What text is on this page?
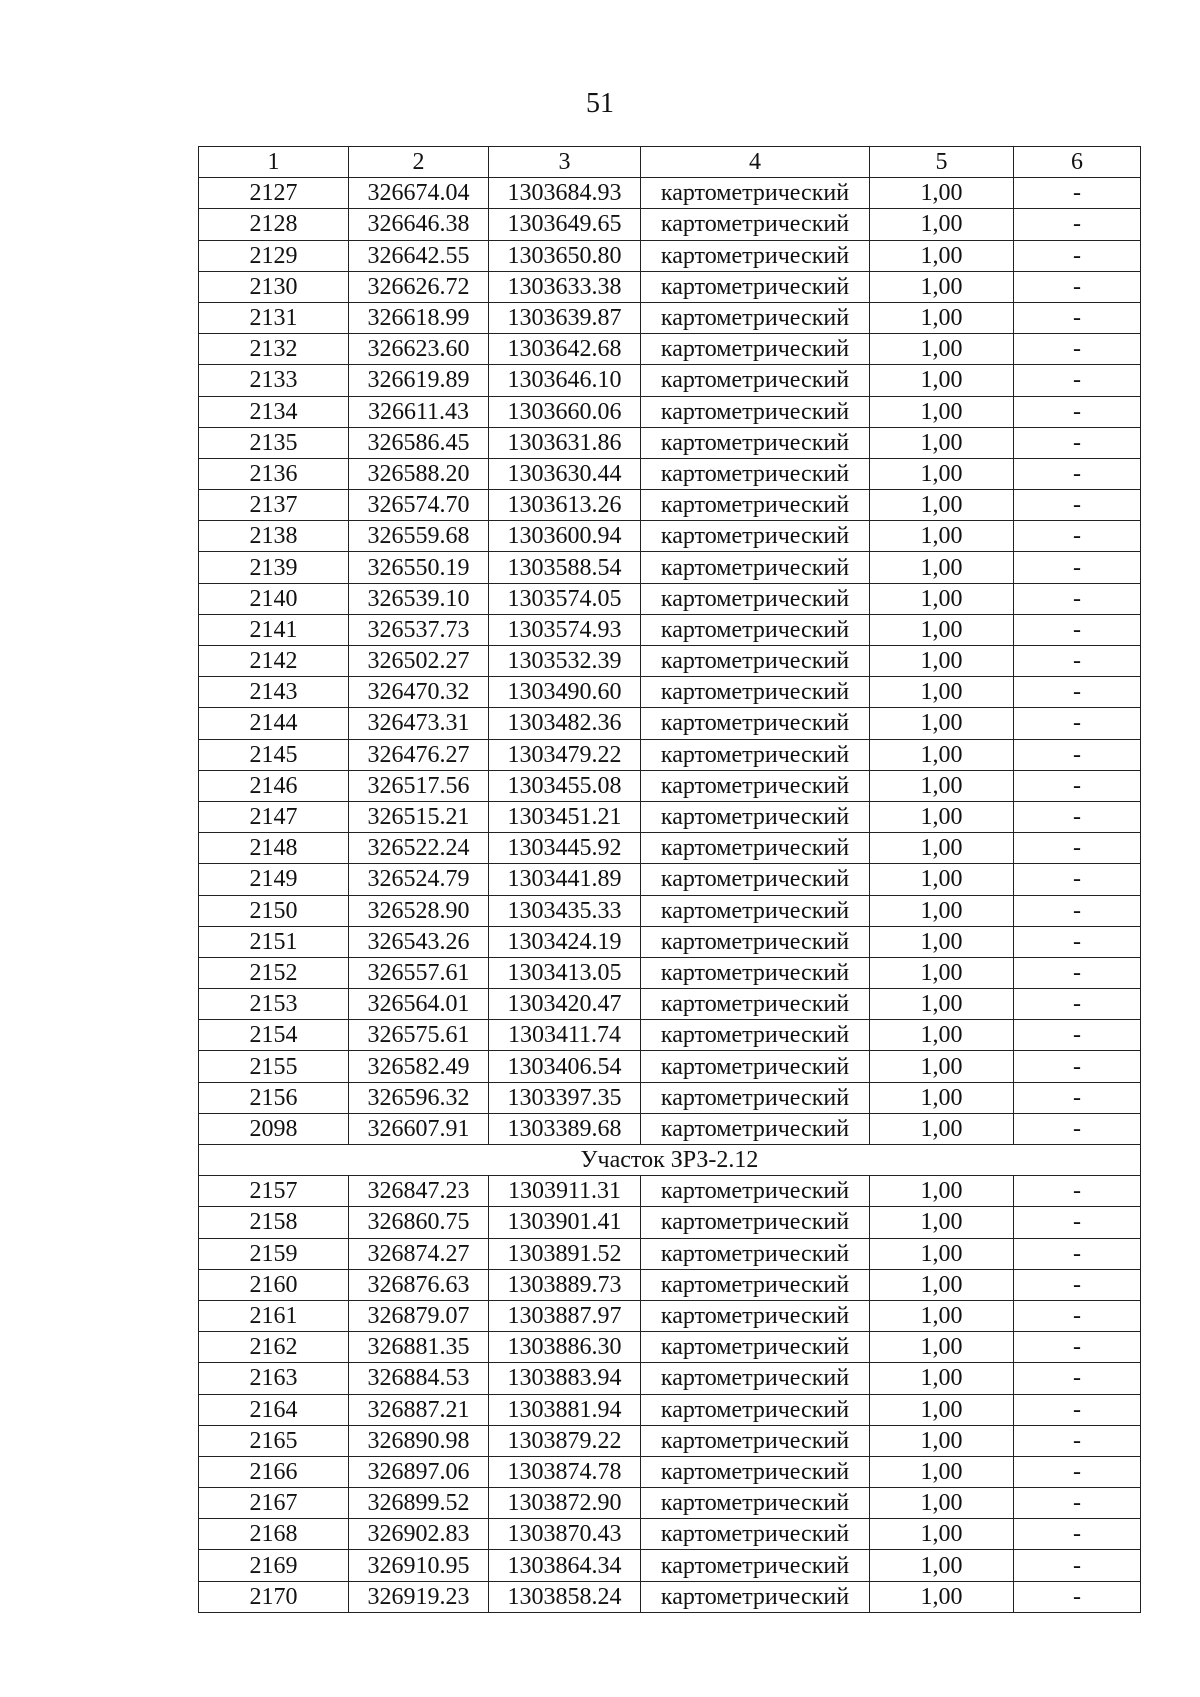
51
1	2	3	4	5	6
2127	326674.04	1303684.93	картометрический	1,00	-
2128	326646.38	1303649.65	картометрический	1,00	-
2129	326642.55	1303650.80	картометрический	1,00	-
2130	326626.72	1303633.38	картометрический	1,00	-
2131	326618.99	1303639.87	картометрический	1,00	-
2132	326623.60	1303642.68	картометрический	1,00	-
2133	326619.89	1303646.10	картометрический	1,00	-
2134	326611.43	1303660.06	картометрический	1,00	-
2135	326586.45	1303631.86	картометрический	1,00	-
2136	326588.20	1303630.44	картометрический	1,00	-
2137	326574.70	1303613.26	картометрический	1,00	-
2138	326559.68	1303600.94	картометрический	1,00	-
2139	326550.19	1303588.54	картометрический	1,00	-
2140	326539.10	1303574.05	картометрический	1,00	-
2141	326537.73	1303574.93	картометрический	1,00	-
2142	326502.27	1303532.39	картометрический	1,00	-
2143	326470.32	1303490.60	картометрический	1,00	-
2144	326473.31	1303482.36	картометрический	1,00	-
2145	326476.27	1303479.22	картометрический	1,00	-
2146	326517.56	1303455.08	картометрический	1,00	-
2147	326515.21	1303451.21	картометрический	1,00	-
2148	326522.24	1303445.92	картометрический	1,00	-
2149	326524.79	1303441.89	картометрический	1,00	-
2150	326528.90	1303435.33	картометрический	1,00	-
2151	326543.26	1303424.19	картометрический	1,00	-
2152	326557.61	1303413.05	картометрический	1,00	-
2153	326564.01	1303420.47	картометрический	1,00	-
2154	326575.61	1303411.74	картометрический	1,00	-
2155	326582.49	1303406.54	картометрический	1,00	-
2156	326596.32	1303397.35	картометрический	1,00	-
2098	326607.91	1303389.68	картометрический	1,00	-
Участок ЗРЗ-2.12					
2157	326847.23	1303911.31	картометрический	1,00	-
2158	326860.75	1303901.41	картометрический	1,00	-
2159	326874.27	1303891.52	картометрический	1,00	-
2160	326876.63	1303889.73	картометрический	1,00	-
2161	326879.07	1303887.97	картометрический	1,00	-
2162	326881.35	1303886.30	картометрический	1,00	-
2163	326884.53	1303883.94	картометрический	1,00	-
2164	326887.21	1303881.94	картометрический	1,00	-
2165	326890.98	1303879.22	картометрический	1,00	-
2166	326897.06	1303874.78	картометрический	1,00	-
2167	326899.52	1303872.90	картометрический	1,00	-
2168	326902.83	1303870.43	картометрический	1,00	-
2169	326910.95	1303864.34	картометрический	1,00	-
2170	326919.23	1303858.24	картометрический	1,00	-
